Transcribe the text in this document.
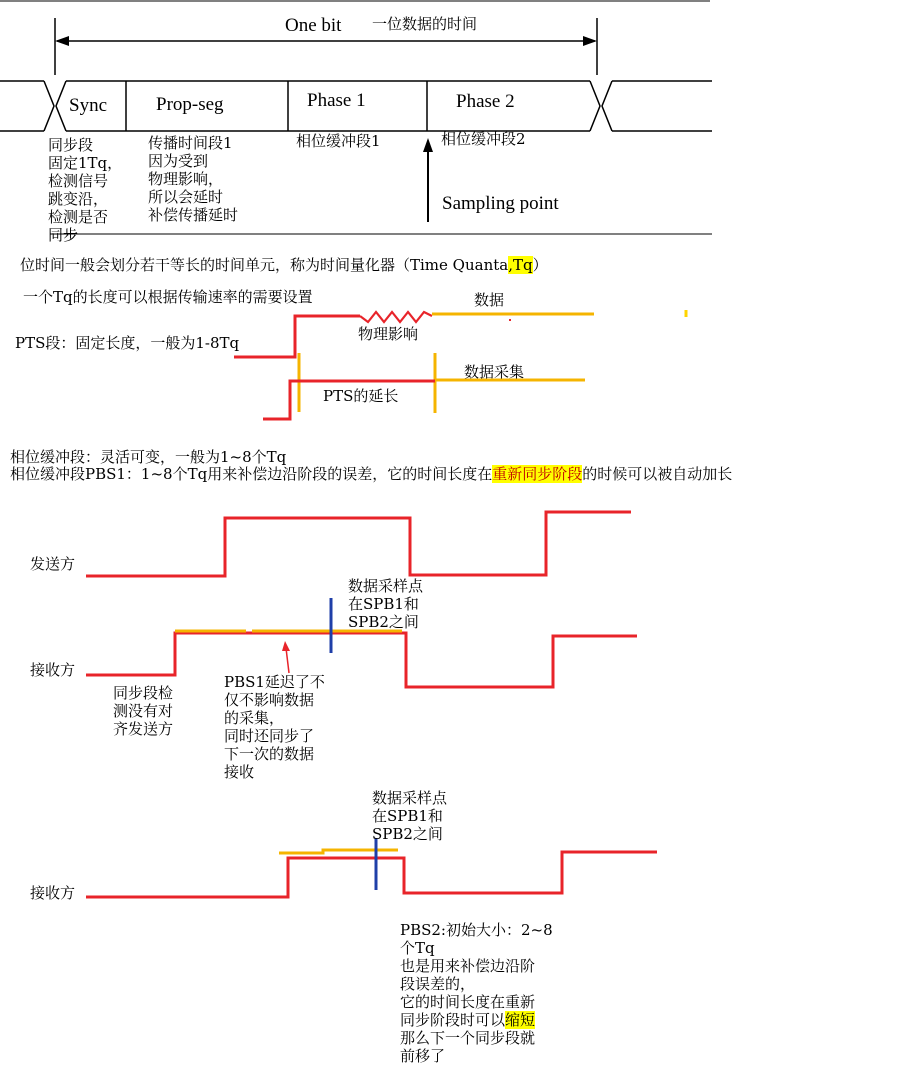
One bit 一位数据的时间
Sync	Prop-seg	Phase 1	Phase 2
Sampling point
同步段
固定1Tq，
检测信号
跳变沿，
检测是否
同步
传播时间段1
因为受到
物理影响，
所以会延时
补偿传播延时
相位缓冲段1	相位缓冲段2
位时间一般会划分若干等长的时间单元，称为时间量化器（Time Quanta,Tq）
一个Tq的长度可以根据传输速率的需要设置
PTS段：固定长度，一般为1-8Tq	物理影响
数据
PTS的延长
数据采集
相位缓冲段：灵活可变，一般为1~8个Tq
相位缓冲段PBS1：1~8个Tq用来补偿边沿阶段的误差，它的时间长度在重新同步阶段的时候可以被自动加长
发送方
接收方
数据采样点
在SPB1和
SPB2之间
同步段检
测没有对
齐发送方
PBS1延迟了不
仅不影响数据
的采集，
同时还同步了
下一次的数据
接收
接收方
数据采样点
在SPB1和
SPB2之间
PBS2:初始大小：2~8
个Tq
也是用来补偿边沿阶
段误差的，
它的时间长度在重新
同步阶段时可以缩短
那么下一个同步段就
前移了
